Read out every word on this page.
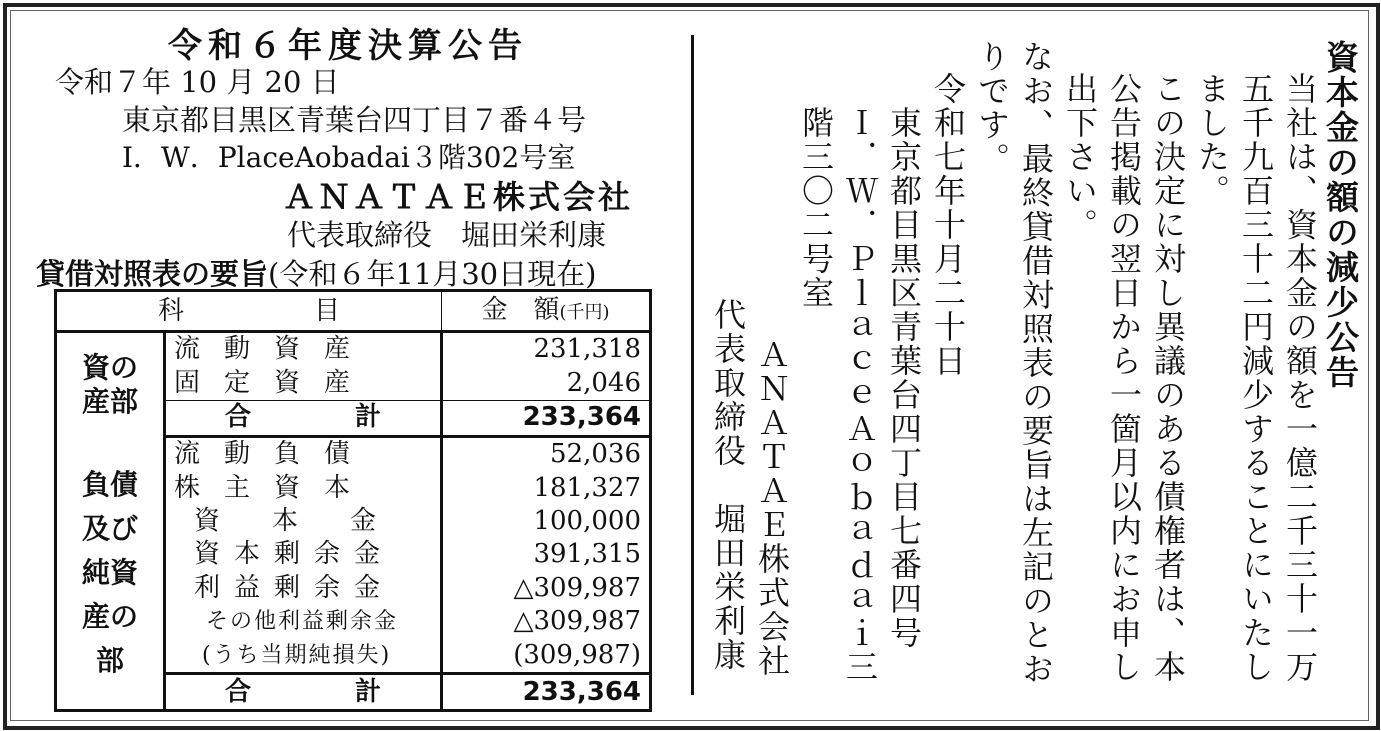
令和６年度決算公告
令和７年 10 月 20 日
東京都目黒区青葉台四丁目７番４号
I．W．PlaceAobadai３階302号室
ＡＮＡＴＡＥ株式会社
代表取締役　堀田栄利康
貸借対照表の要旨(令和６年11月30日現在)
科　　　　　目		金　額(千円)
資の産部	流動資産	231,318
	固定資産	2,046
	合　　　　計	233,364
負債及び純資産の部	流動負債	52,036
	株主資本	181,327
	資　　本　　金	100,000
	資本剰余金	391,315
	利益剰余金	△309,987
	その他利益剰余金	△309,987
	(うち当期純損失)	(309,987)
	合　　　　計	233,364
資本金の額の減少公告
当社は、資本金の額を一億二千三十一万五千九百三十二円減少することにいたしました。
この決定に対し異議のある債権者は、本公告掲載の翌日から一箇月以内にお申し出下さい。
なお、最終貸借対照表の要旨は左記のとおりです。
令和七年十月二十日
東京都目黒区青葉台四丁目七番四号
Ｉ．Ｗ．ＰｌａｃｅＡｏｂａｄａｉ三階三〇二号室
ＡＮＡＴＡＥ株式会社
代表取締役　堀田栄利康
